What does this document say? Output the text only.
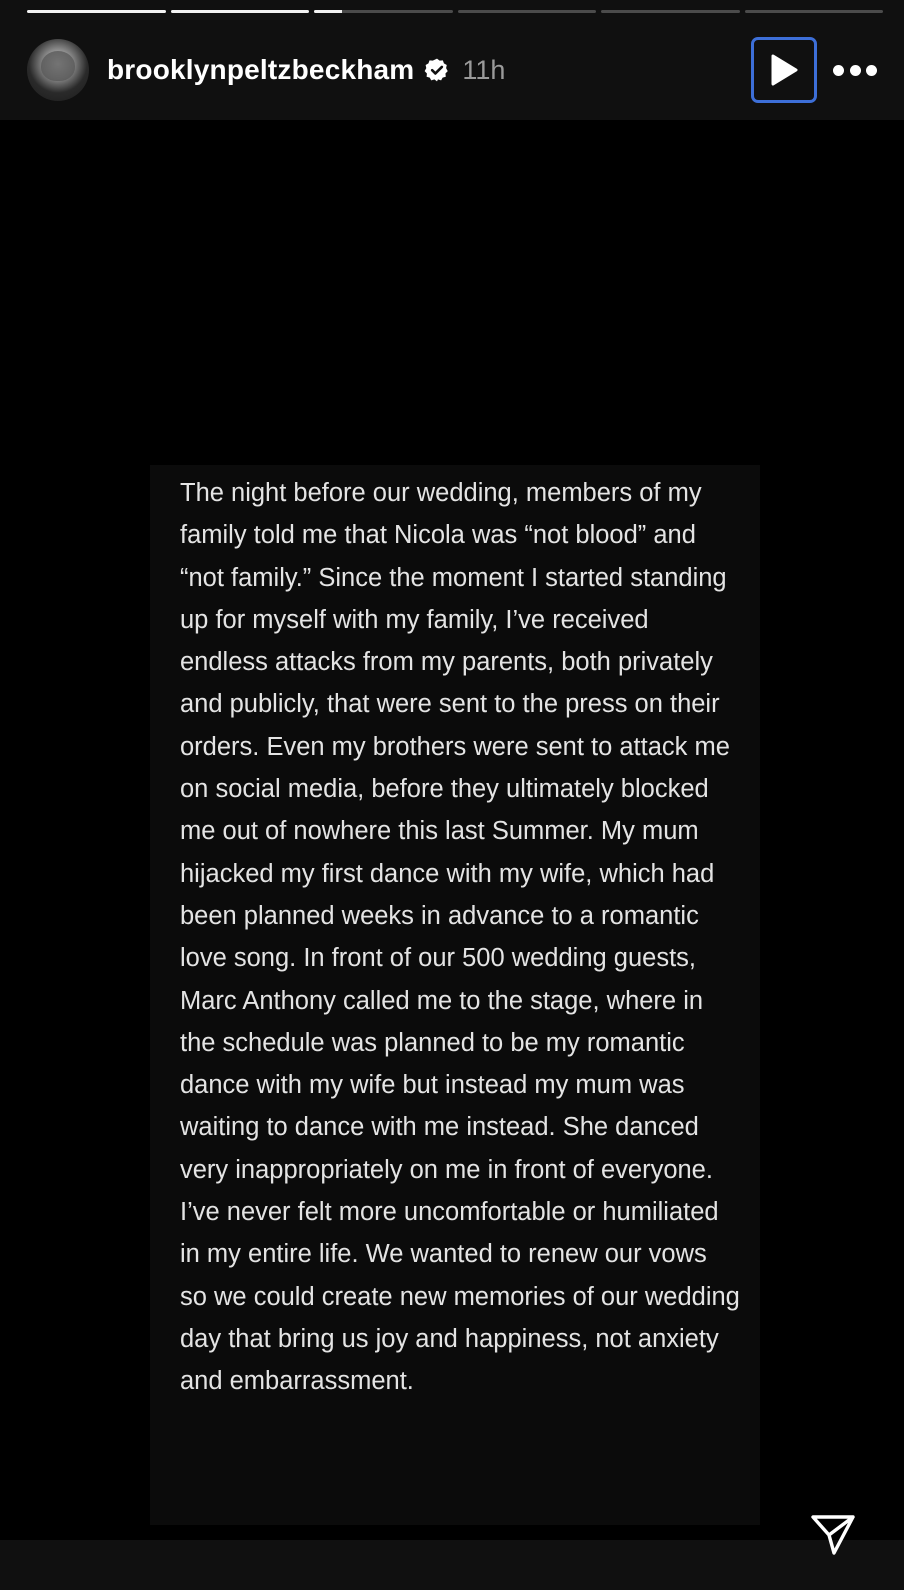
The night before our wedding, members of my family told me that Nicola was “not blood” and “not family.” Since the moment I started standing up for myself with my family, I’ve received endless attacks from my parents, both privately and publicly, that were sent to the press on their orders. Even my brothers were sent to attack me on social media, before they ultimately blocked me out of nowhere this last Summer. My mum hijacked my first dance with my wife, which had been planned weeks in advance to a romantic love song. In front of our 500 wedding guests, Marc Anthony called me to the stage, where in the schedule was planned to be my romantic dance with my wife but instead my mum was waiting to dance with me instead. She danced very inappropriately on me in front of everyone. I’ve never felt more uncomfortable or humiliated in my entire life. We wanted to renew our vows so we could create new memories of our wedding day that bring us joy and happiness, not anxiety and embarrassment.
brooklynpeltzbeckham 11h
